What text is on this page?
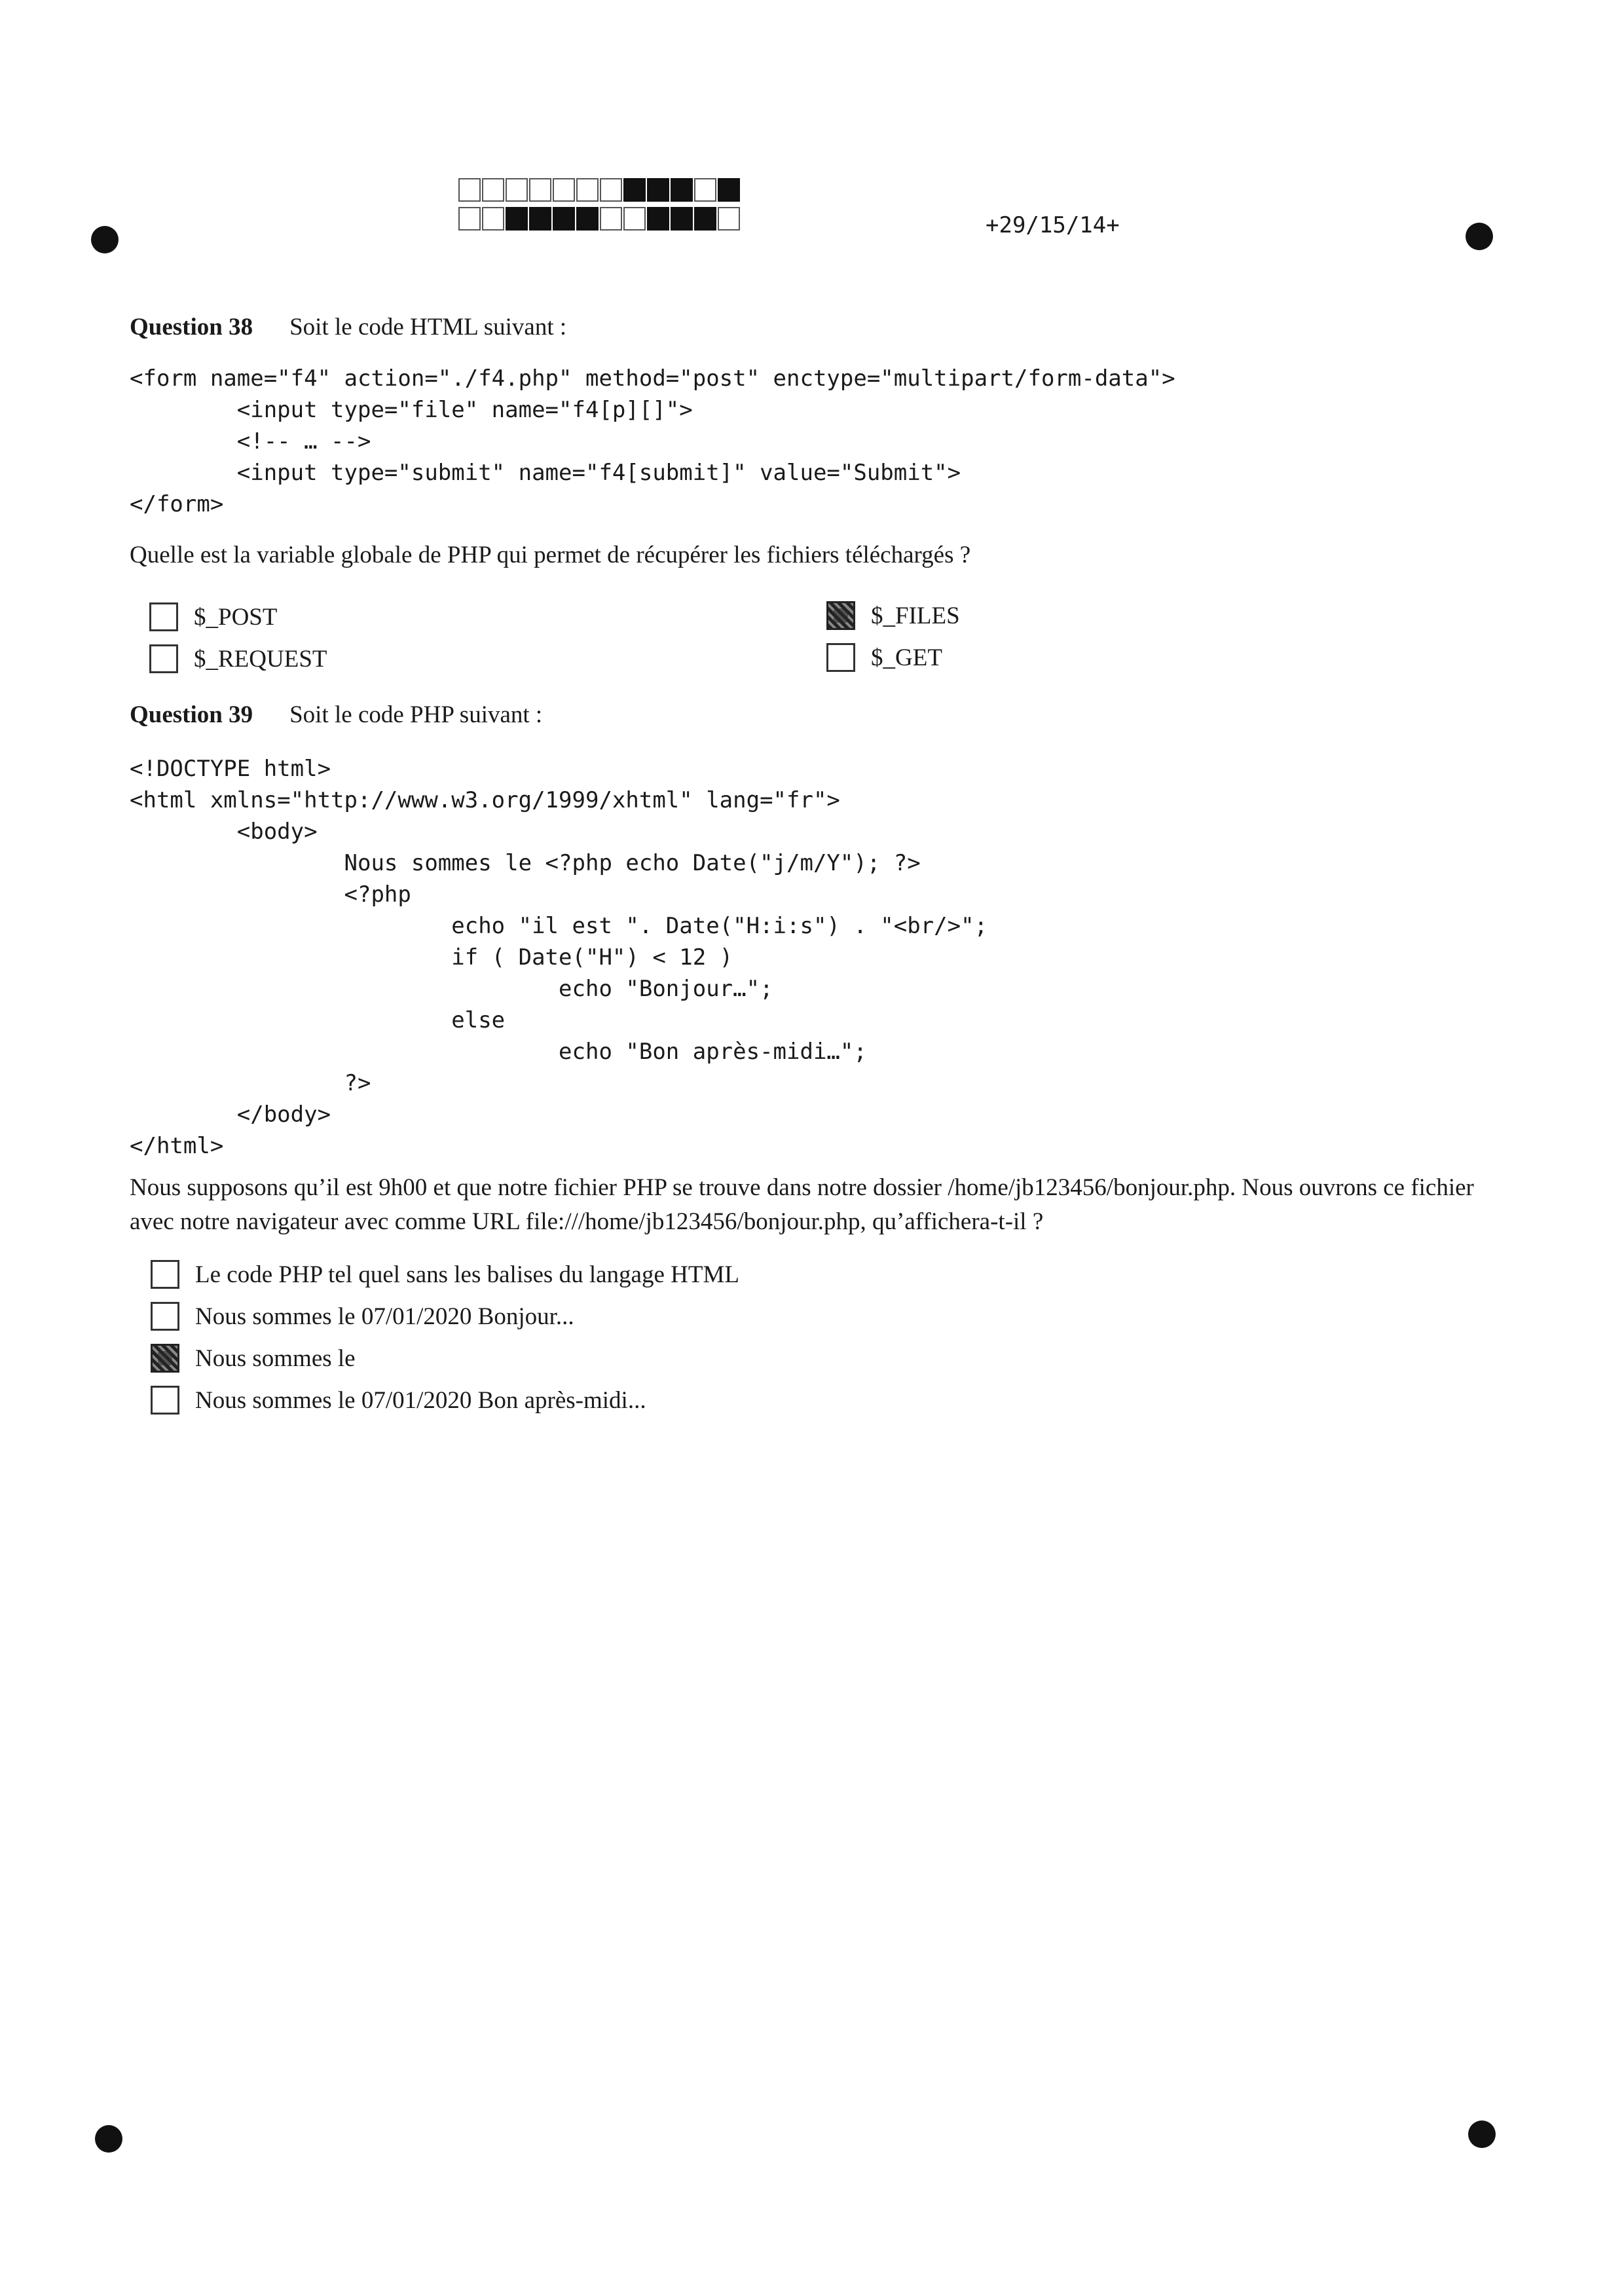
+29/15/14+
Question 38 Soit le code HTML suivant :
<form name="f4" action="./f4.php" method="post" enctype="multipart/form-data">
<input type="file" name="f4[p][]">
<!-- … -->
<input type="submit" name="f4[submit]" value="Submit">
</form>
Quelle est la variable globale de PHP qui permet de récupérer les fichiers téléchargés ?
$_POST	$_FILES
$_REQUEST	$_GET
Question 39 Soit le code PHP suivant :
<!DOCTYPE html>
<html xmlns="http://www.w3.org/1999/xhtml" lang="fr">
<body>
Nous sommes le <?php echo Date("j/m/Y"); ?>
<?php
echo "il est ". Date("H:i:s") . "<br/>";
if ( Date("H") < 12 )
echo "Bonjour…";
else
echo "Bon après-midi…";
?>
</body>
</html>
Nous supposons qu’il est 9h00 et que notre fichier PHP se trouve dans notre dossier /home/jb123456/bonjour.php. Nous ouvrons ce fichier avec notre navigateur avec comme URL file:///home/jb123456/bonjour.php, qu’affichera-t-il ?
Le code PHP tel quel sans les balises du langage HTML
Nous sommes le 07/01/2020 Bonjour...
Nous sommes le
Nous sommes le 07/01/2020 Bon après-midi...
